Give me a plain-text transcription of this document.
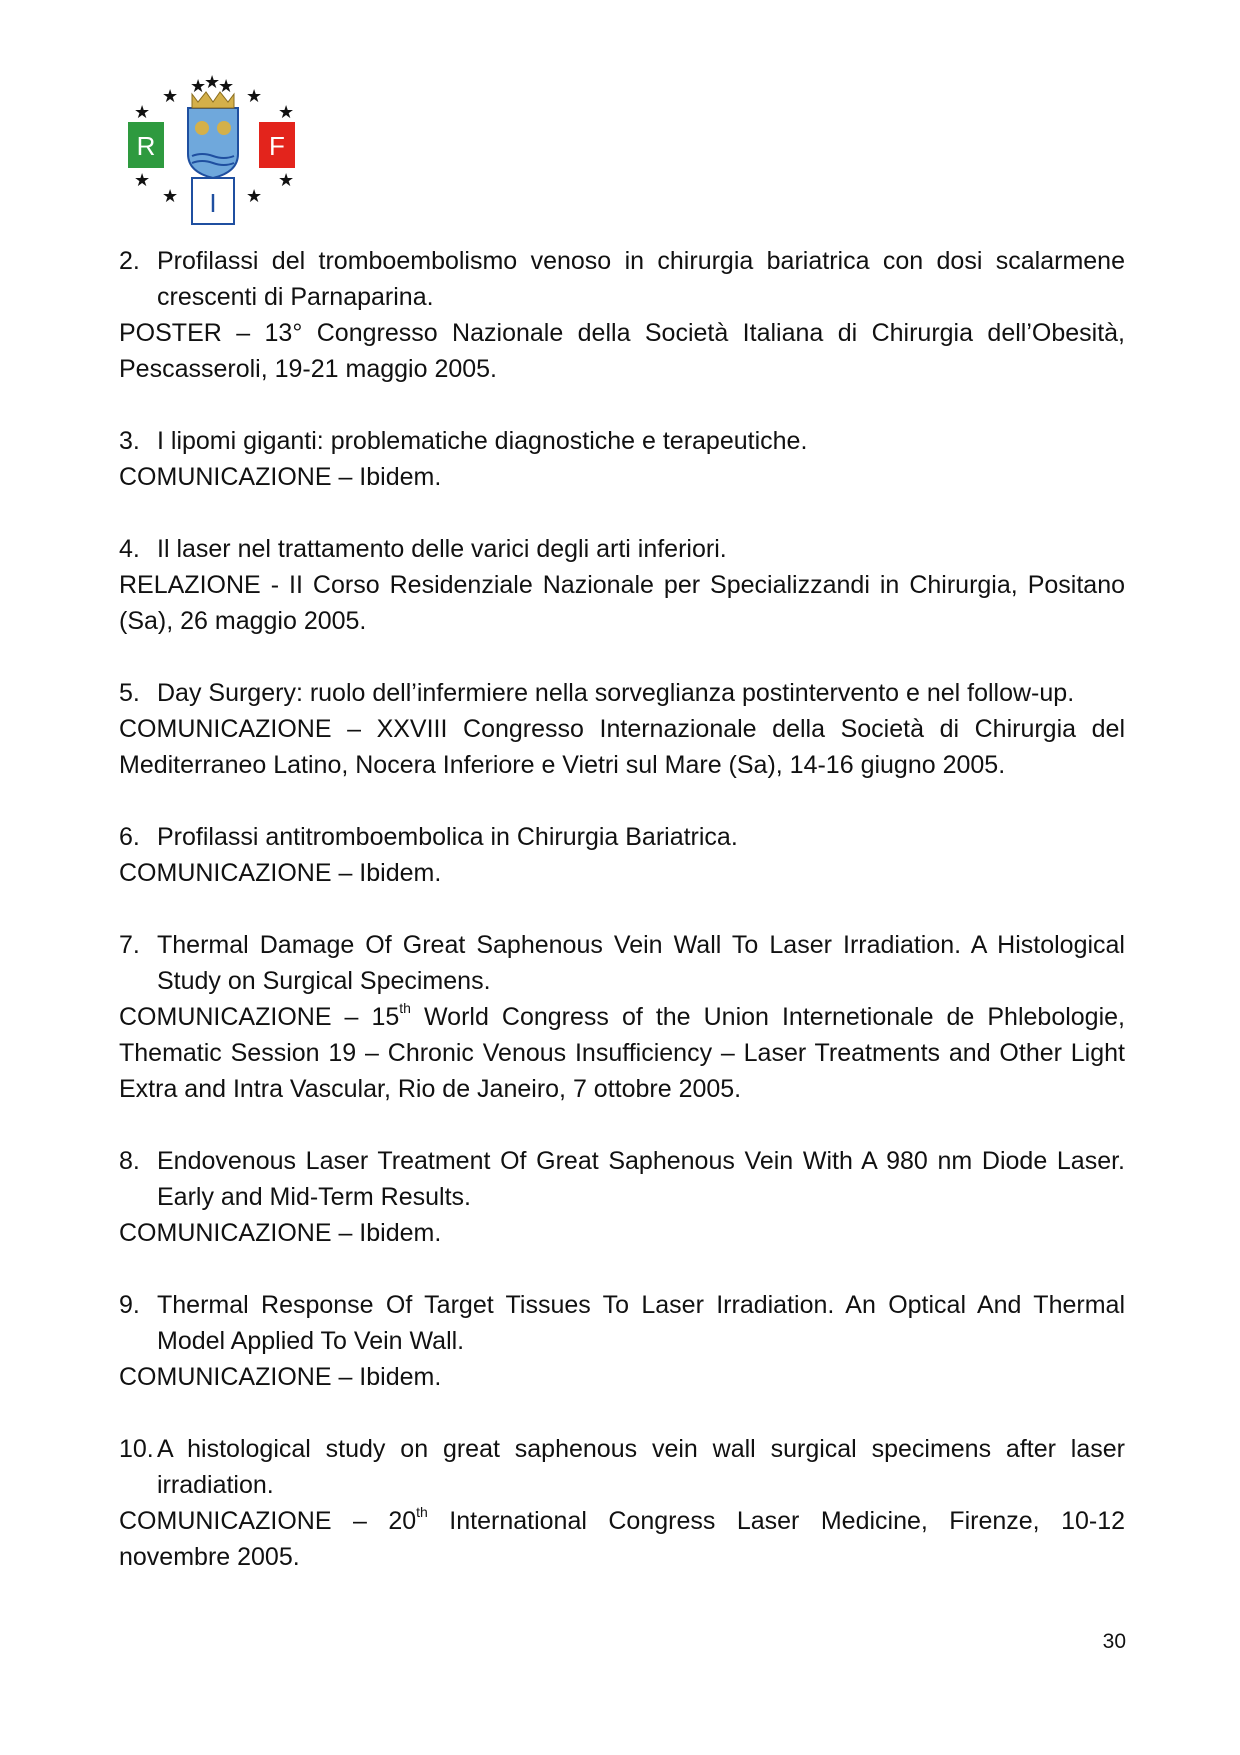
R	F
I
★
★
★
★	★
★	★
★	★
★	★
2. Profilassi del tromboembolismo venoso in chirurgia bariatrica con dosi scalarmene crescenti di Parnaparina.
POSTER – 13° Congresso Nazionale della Società Italiana di Chirurgia dell’Obesità, Pescasseroli, 19-21 maggio 2005.
3. I lipomi giganti: problematiche diagnostiche e terapeutiche.
COMUNICAZIONE – Ibidem.
4. Il laser nel trattamento delle varici degli arti inferiori.
RELAZIONE - II Corso Residenziale Nazionale per Specializzandi in Chirurgia, Positano (Sa), 26 maggio 2005.
5. Day Surgery: ruolo dell’infermiere nella sorveglianza postintervento e nel follow-up.
COMUNICAZIONE – XXVIII Congresso Internazionale della Società di Chirurgia del Mediterraneo Latino, Nocera Inferiore e Vietri sul Mare (Sa), 14-16 giugno 2005.
6. Profilassi antitromboembolica in Chirurgia Bariatrica.
COMUNICAZIONE – Ibidem.
7. Thermal Damage Of Great Saphenous Vein Wall To Laser Irradiation. A Histological Study on Surgical Specimens.
COMUNICAZIONE – 15th World Congress of the Union Internetionale de Phlebologie, Thematic Session 19 – Chronic Venous Insufficiency – Laser Treatments and Other Light Extra and Intra Vascular, Rio de Janeiro, 7 ottobre 2005.
8. Endovenous Laser Treatment Of Great Saphenous Vein With A 980 nm Diode Laser. Early and Mid-Term Results.
COMUNICAZIONE – Ibidem.
9. Thermal Response Of Target Tissues To Laser Irradiation. An Optical And Thermal Model Applied To Vein Wall.
COMUNICAZIONE – Ibidem.
10. A histological study on great saphenous vein wall surgical specimens after laser irradiation.
COMUNICAZIONE – 20th International Congress Laser Medicine, Firenze, 10-12 novembre 2005.
30
